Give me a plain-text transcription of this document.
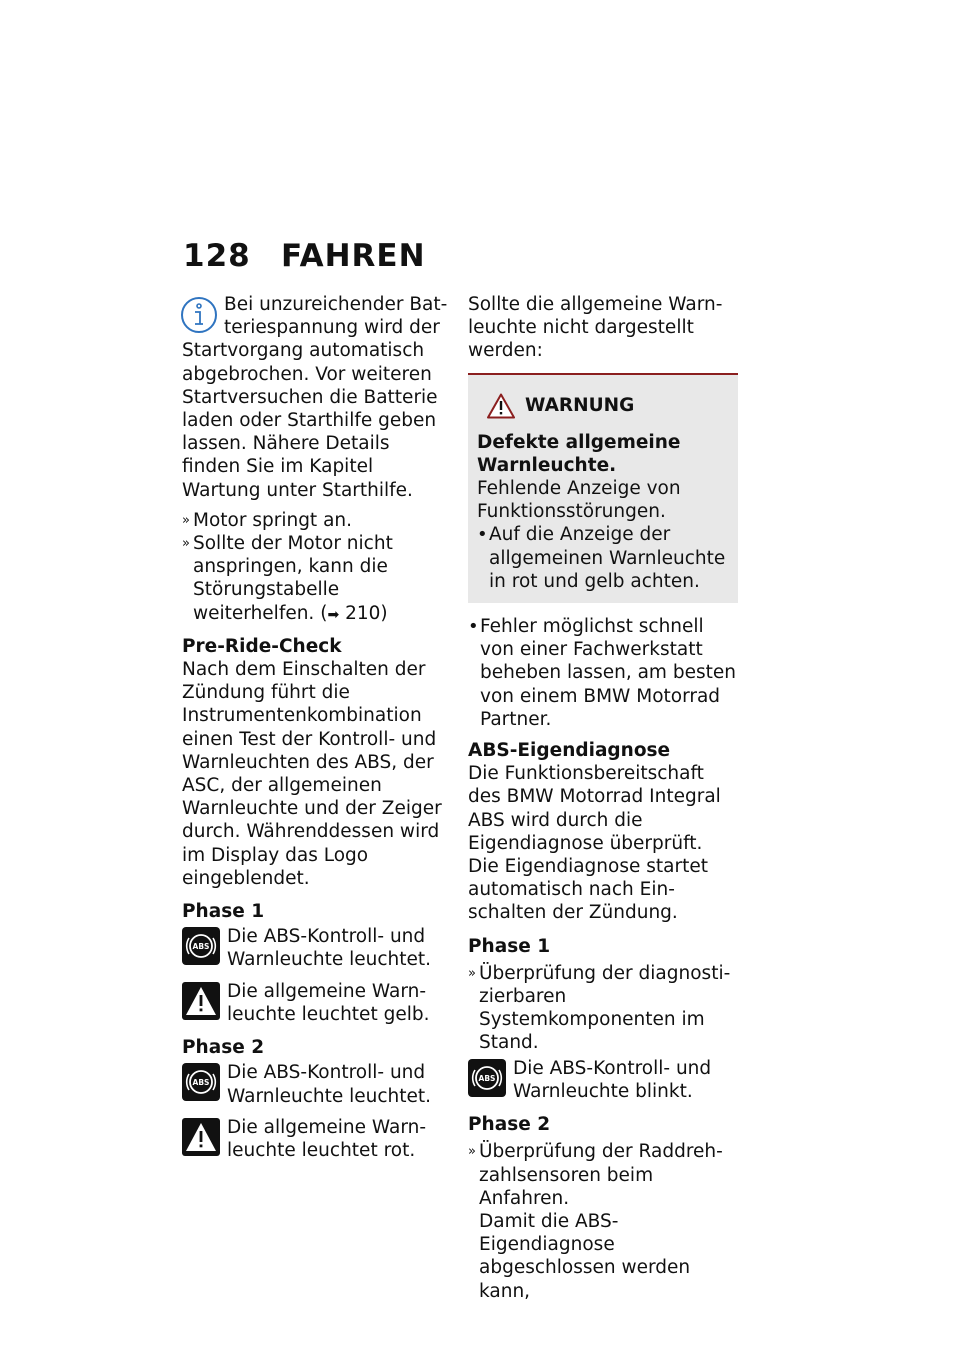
128 FAHREN

Bei unzureichender Batteriespannung wird der Startvorgang automatisch abgebrochen. Vor weiteren Startversuchen die Batterie laden oder Starthilfe geben lassen. Nähere Details finden Sie im Kapitel Wartung unter Starthilfe.

» Motor springt an.
» Sollte der Motor nicht anspringen, kann die Störungstabelle weiterhelfen. (➡ 210)

Pre-Ride-Check

Nach dem Einschalten der Zündung führt die Instrumentenkombination einen Test der Kontroll- und Warnleuchten des ABS, der ASC, der allgemeinen Warnleuchte und der Zeiger durch. Währenddessen wird im Display das Logo eingeblendet.

Phase 1

ABS Die ABS-Kontroll- und Warnleuchte leuchtet.
Die allgemeine Warnleuchte leuchtet gelb.

Phase 2

ABS Die ABS-Kontroll- und Warnleuchte leuchtet.
Die allgemeine Warnleuchte leuchtet rot.

Sollte die allgemeine Warnleuchte nicht dargestellt werden:

WARNUNG
Defekte allgemeine Warnleuchte.
Fehlende Anzeige von Funktionsstörungen.
• Auf die Anzeige der allgemeinen Warnleuchte in rot und gelb achten.
• Fehler möglichst schnell von einer Fachwerkstatt beheben lassen, am besten von einem BMW Motorrad Partner.

ABS-Eigendiagnose

Die Funktionsbereitschaft des BMW Motorrad Integral ABS wird durch die Eigendiagnose überprüft. Die Eigendiagnose startet automatisch nach Einschalten der Zündung.

Phase 1

» Überprüfung der diagnostizierbaren Systemkomponenten im Stand.
ABS Die ABS-Kontroll- und Warnleuchte blinkt.

Phase 2

» Überprüfung der Raddrehzahlsensoren beim Anfahren.
Damit die ABS-Eigendiagnose abgeschlossen werden kann,
